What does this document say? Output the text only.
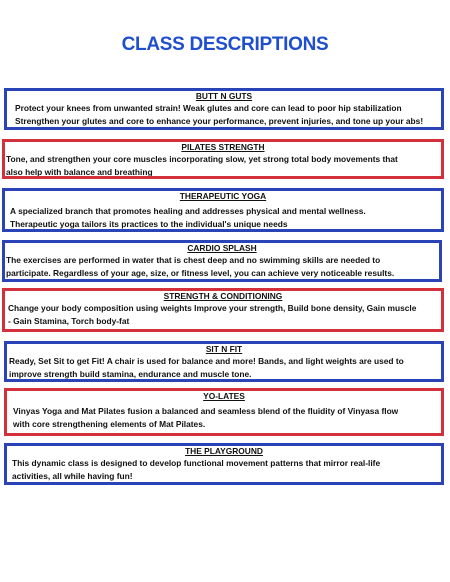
CLASS DESCRIPTIONS
BUTT N GUTS
Protect your knees from unwanted strain! Weak glutes and core can lead to poor hip stabilization
Strengthen your glutes and core to enhance your performance, prevent injuries, and tone up your abs!
PILATES STRENGTH
Tone, and strengthen your core muscles incorporating slow, yet strong total body movements that
also help with balance and breathing
THERAPEUTIC YOGA
A specialized branch that promotes healing and addresses physical and mental wellness.
Therapeutic yoga tailors its practices to the individual's unique needs
CARDIO SPLASH
The exercises are performed in water that is chest deep and no swimming skills are needed to
participate. Regardless of your age, size, or fitness level, you can achieve very noticeable results.
STRENGTH & CONDITIONING
Change your body composition using weights Improve your strength, Build bone density, Gain muscle
- Gain Stamina, Torch body-fat
SIT N FIT
Ready, Set Sit to get Fit! A chair is used for balance and more! Bands, and light weights are used to
improve strength build stamina, endurance and muscle tone.
YO-LATES
Vinyas Yoga and Mat Pilates fusion a balanced and seamless blend of the fluidity of Vinyasa flow
with core strengthening elements of Mat Pilates.
THE PLAYGROUND
This dynamic class is designed to develop functional movement patterns that mirror real-life
activities, all while having fun!
